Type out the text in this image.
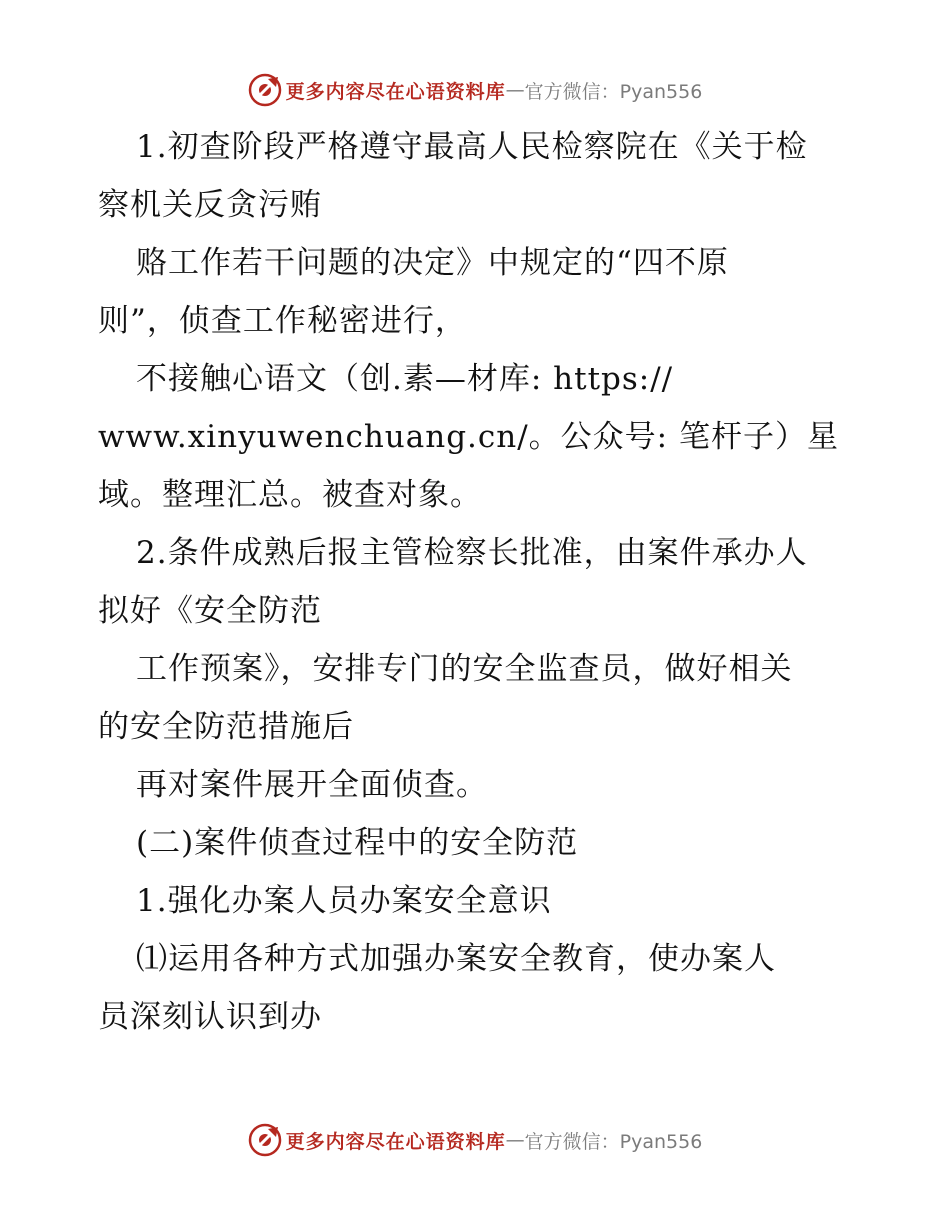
更多内容尽在心语资料库 — 官方微信：Pyan556
1.初查阶段严格遵守最高人民检察院在《关于检
察机关反贪污贿
赂工作若干问题的决定》中规定的“四不原
则”，侦查工作秘密进行，
不接触心语文（创.素—材库: https://
www.xinyuwenchuang.cn/。公众号: 笔杆子）星
域。整理汇总。被查对象。
2.条件成熟后报主管检察长批准，由案件承办人
拟好《安全防范
工作预案》，安排专门的安全监查员，做好相关
的安全防范措施后
再对案件展开全面侦查。
(二)案件侦查过程中的安全防范
1.强化办案人员办案安全意识
⑴运用各种方式加强办案安全教育，使办案人
员深刻认识到办
更多内容尽在心语资料库 — 官方微信：Pyan556
